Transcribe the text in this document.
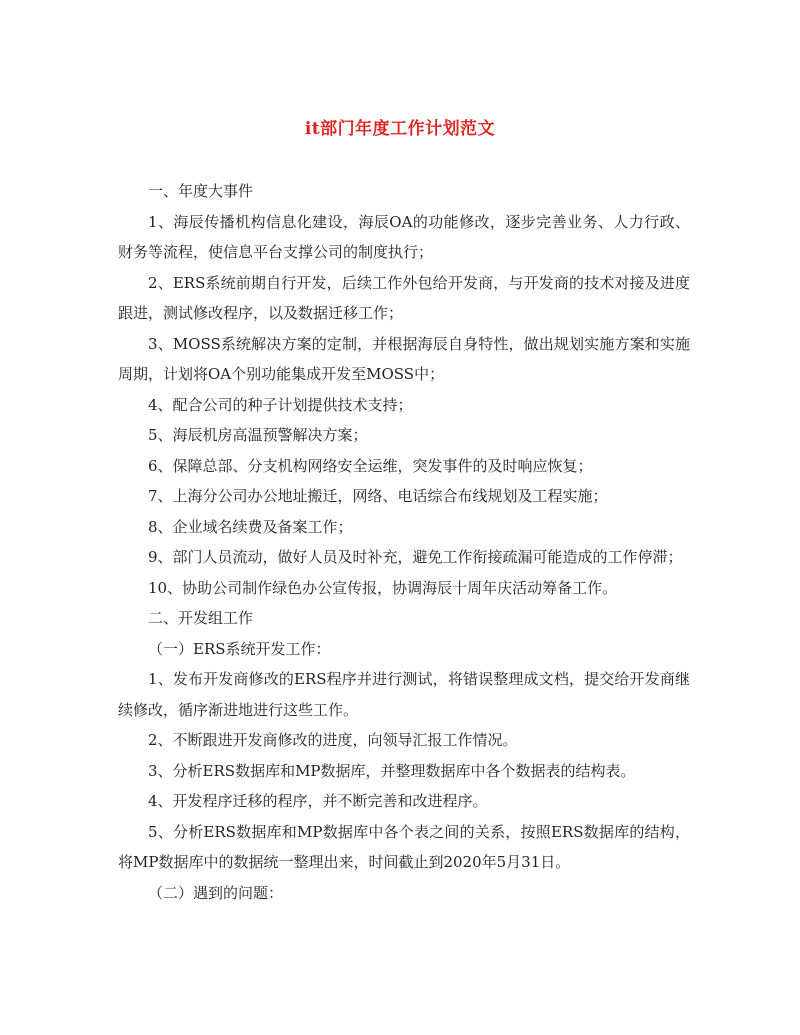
it部门年度工作计划范文

一、年度大事件

1、海辰传播机构信息化建设，海辰OA的功能修改，逐步完善业务、人力行政、财务等流程，使信息平台支撑公司的制度执行；

2、ERS系统前期自行开发，后续工作外包给开发商，与开发商的技术对接及进度跟进，测试修改程序，以及数据迁移工作；

3、MOSS系统解决方案的定制，并根据海辰自身特性，做出规划实施方案和实施周期，计划将OA个别功能集成开发至MOSS中；

4、配合公司的种子计划提供技术支持；

5、海辰机房高温预警解决方案；

6、保障总部、分支机构网络安全运维，突发事件的及时响应恢复；

7、上海分公司办公地址搬迁，网络、电话综合布线规划及工程实施；

8、企业域名续费及备案工作；

9、部门人员流动，做好人员及时补充，避免工作衔接疏漏可能造成的工作停滞；

10、协助公司制作绿色办公宣传报，协调海辰十周年庆活动筹备工作。

二、开发组工作

（一）ERS系统开发工作：

1、发布开发商修改的ERS程序并进行测试，将错误整理成文档，提交给开发商继续修改，循序渐进地进行这些工作。

2、不断跟进开发商修改的进度，向领导汇报工作情况。

3、分析ERS数据库和MP数据库，并整理数据库中各个数据表的结构表。

4、开发程序迁移的程序，并不断完善和改进程序。

5、分析ERS数据库和MP数据库中各个表之间的关系，按照ERS数据库的结构，将MP数据库中的数据统一整理出来，时间截止到2020年5月31日。

（二）遇到的问题：
